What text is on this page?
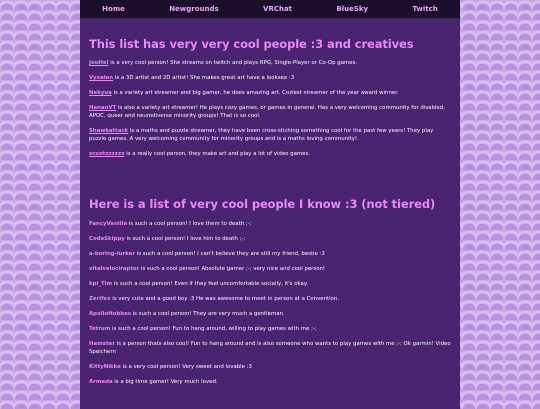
Home	Newgrounds	VRChat	BlueSky	Twitch
This list has very very cool people :3 and creatives

JooHeI is a very cool person! She streams on twitch and plays RPG, Single-Player or Co-Op games.

Vyxalen is a 3D artist and 2D artist! She makes great art have a looksee :3

Nekyua is a variety art streamer and big gamer, he does amazing art. Coziest streamer of the year award winner.

HanaoVT is also a variety art streamer! He plays cozy games, or games in general. Has a very welcoming community for disabled, APOC, queer and neurodiverse minority groups! That is so cool.

Shawkattack is a maths and puzzle streamer, they have been cross-stiching something cool for the past few years! They play puzzle games. A very welcoming community for minority groups and is a maths loving community!.

scootzzzzzx is a really cool person, they make art and play a lot of video games.

Here is a list of very cool people I know :3 (not tiered)

FancyVanilla is such a cool person! I love them to death ;-;

CodeSkippy is such a cool person! I love him to death ;-;

a-boring-lurker is such a cool person! I can't believe they are still my friend, bestie :3

vitalvelociraptor is such a cool person! Absolute gamer ;-; very nice and cool person!

kpi_Tim is such a cool person! Even if they feel uncomfortable socially, it's okay.

Zerifex is very cute and a good boy :3 He was awesome to meet in person at a Convention.

ApolloHobbes is such a cool person! They are very much a gentleman.

Tetrum is such a cool person! Fun to hang around, willing to play games with me ;-;

Hamster is a person thats also cool! Fun to hang around and is also someone who wants to play games with me ;-; Ok garmin! Video Speichern

KittyNikke is a very cool person! Very sweet and lovable :3

Armada is a big time gamer! Very much loved.
